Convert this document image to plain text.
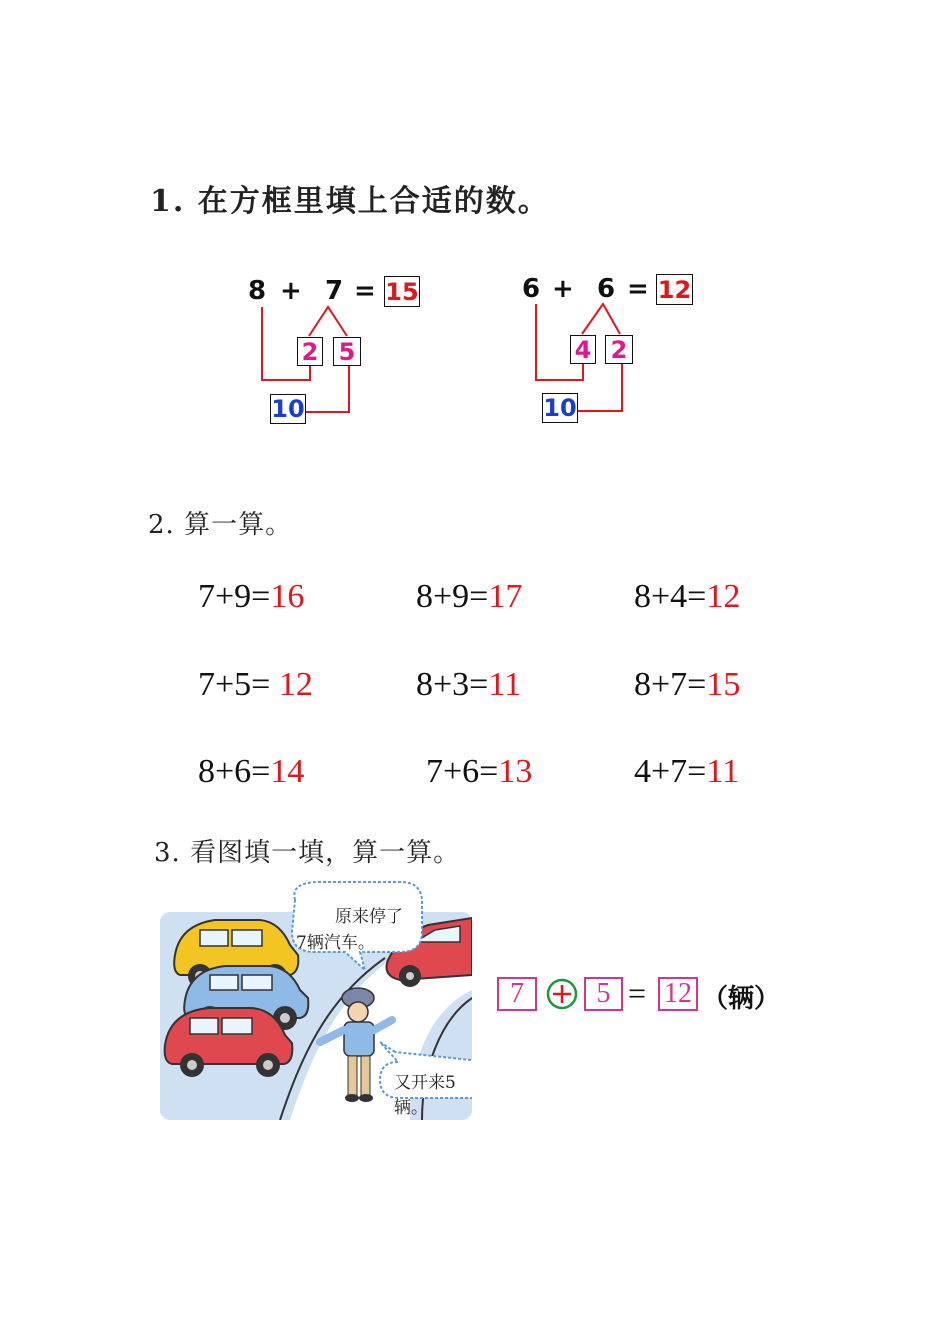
1. 在方框里填上合适的数。
8 + 7 = 15
2 5
10
6 + 6 = 12
4 2
10
2. 算一算。
7+9=16	8+9=17	8+4=12
7+5= 12	8+3=11	8+7=15
8+6=14	7+6=13	4+7=11
3. 看图填一填，算一算。
原来停了
7辆汽车。
又开来5辆。
7	5 = 12 （辆）
